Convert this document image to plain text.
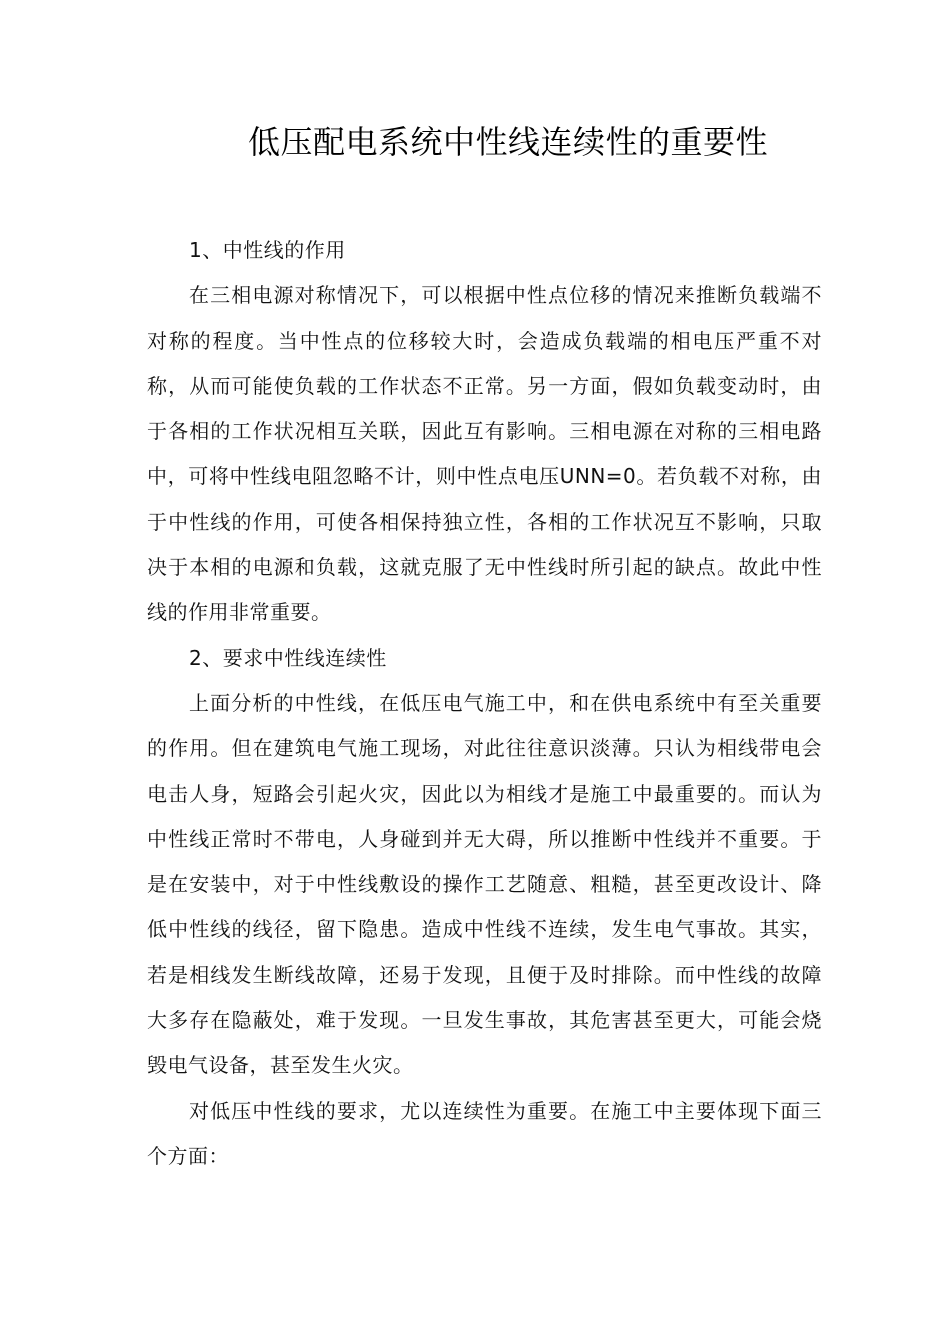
低压配电系统中性线连续性的重要性

1、中性线的作用

在三相电源对称情况下，可以根据中性点位移的情况来推断负载端不对称的程度。当中性点的位移较大时，会造成负载端的相电压严重不对称，从而可能使负载的工作状态不正常。另一方面，假如负载变动时，由于各相的工作状况相互关联，因此互有影响。三相电源在对称的三相电路中，可将中性线电阻忽略不计，则中性点电压UNN=0。若负载不对称，由于中性线的作用，可使各相保持独立性，各相的工作状况互不影响，只取决于本相的电源和负载，这就克服了无中性线时所引起的缺点。故此中性线的作用非常重要。

2、要求中性线连续性

上面分析的中性线，在低压电气施工中，和在供电系统中有至关重要的作用。但在建筑电气施工现场，对此往往意识淡薄。只认为相线带电会电击人身，短路会引起火灾，因此以为相线才是施工中最重要的。而认为中性线正常时不带电，人身碰到并无大碍，所以推断中性线并不重要。于是在安装中，对于中性线敷设的操作工艺随意、粗糙，甚至更改设计、降低中性线的线径，留下隐患。造成中性线不连续，发生电气事故。其实，若是相线发生断线故障，还易于发现，且便于及时排除。而中性线的故障大多存在隐蔽处，难于发现。一旦发生事故，其危害甚至更大，可能会烧毁电气设备，甚至发生火灾。

对低压中性线的要求，尤以连续性为重要。在施工中主要体现下面三个方面：
